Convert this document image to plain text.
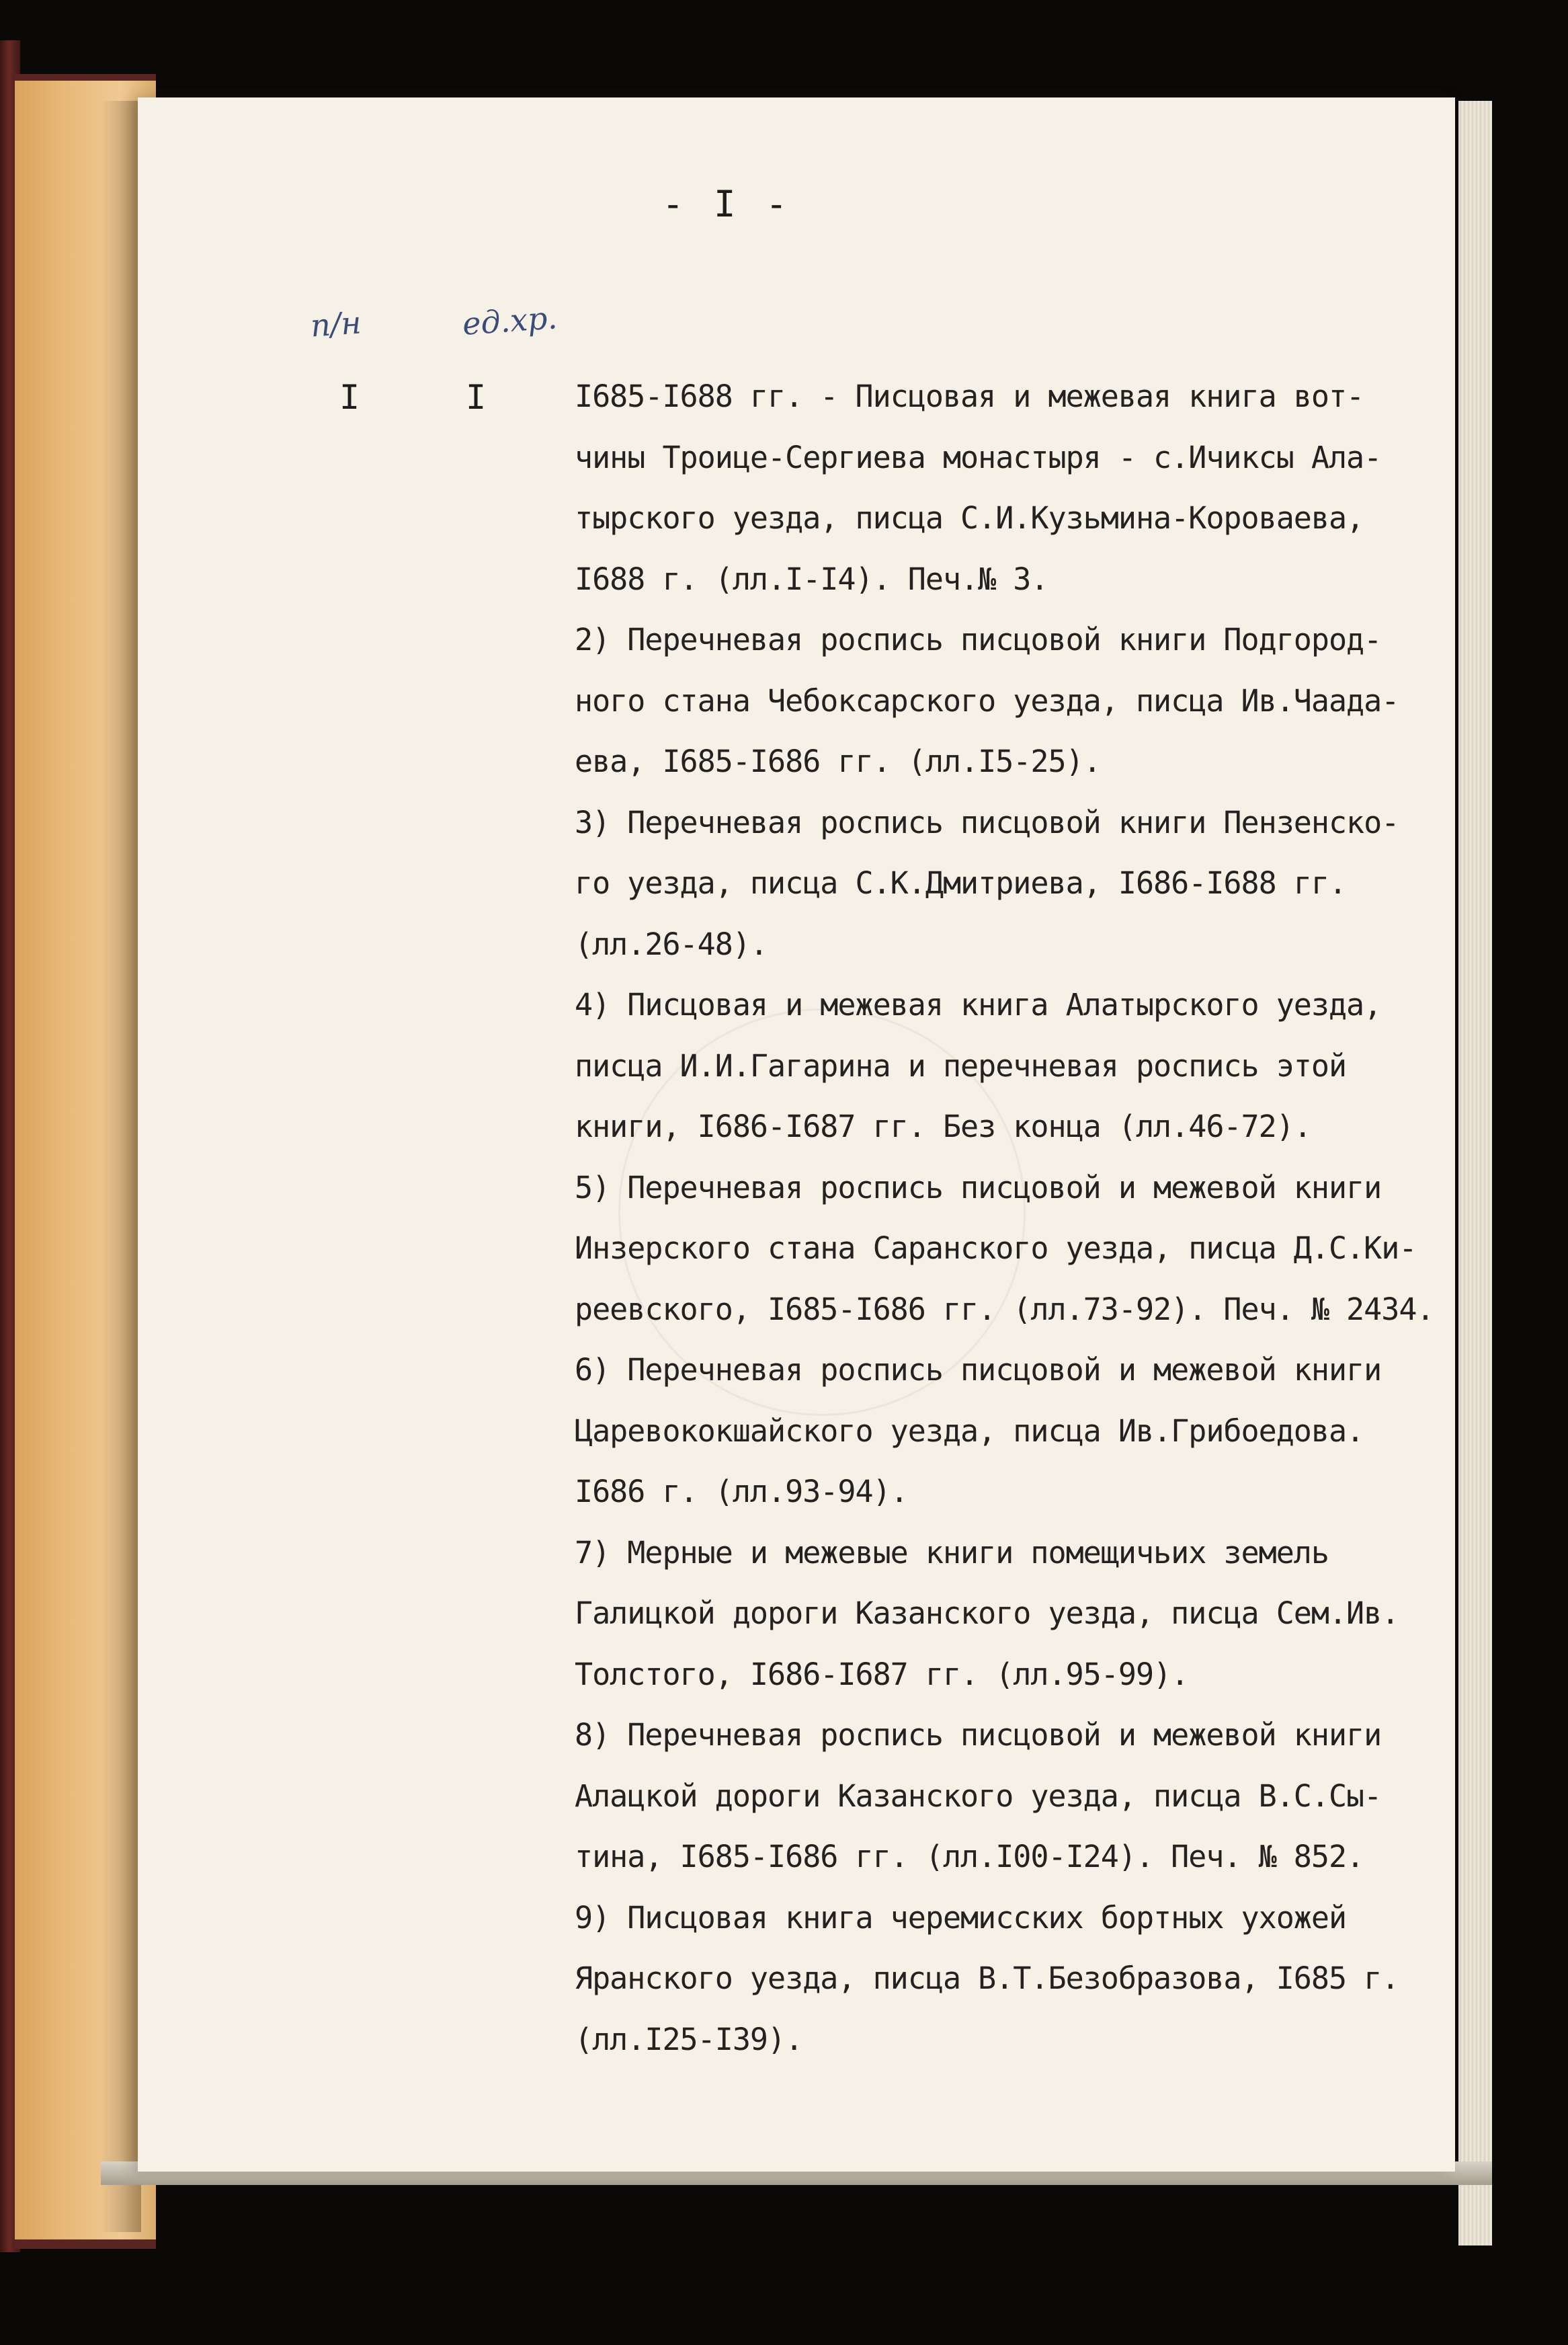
- I -
п/н	ед.хр.
I	I	I685-I688 гг. - Писцовая и межевая книга вот-
чины Троице-Сергиева монастыря - с.Ичиксы Ала-
тырского уезда, писца С.И.Кузьмина-Короваева,
I688 г. (лл.I-I4). Печ.№ 3.
2) Перечневая роспись писцовой книги Подгород-
ного стана Чебоксарского уезда, писца Ив.Чаада-
ева, I685-I686 гг. (лл.I5-25).
3) Перечневая роспись писцовой книги Пензенско-
го уезда, писца С.К.Дмитриева, I686-I688 гг.
(лл.26-48).
4) Писцовая и межевая книга Алатырского уезда,
писца И.И.Гагарина и перечневая роспись этой
книги, I686-I687 гг. Без конца (лл.46-72).
5) Перечневая роспись писцовой и межевой книги
Инзерского стана Саранского уезда, писца Д.С.Ки-
реевского, I685-I686 гг. (лл.73-92). Печ. № 2434.
6) Перечневая роспись писцовой и межевой книги
Царевококшайского уезда, писца Ив.Грибоедова.
I686 г. (лл.93-94).
7) Мерные и межевые книги помещичьих земель
Галицкой дороги Казанского уезда, писца Сем.Ив.
Толстого, I686-I687 гг. (лл.95-99).
8) Перечневая роспись писцовой и межевой книги
Алацкой дороги Казанского уезда, писца В.С.Сы-
тина, I685-I686 гг. (лл.I00-I24). Печ. № 852.
9) Писцовая книга черемисских бортных ухожей
Яранского уезда, писца В.Т.Безобразова, I685 г.
(лл.I25-I39).
